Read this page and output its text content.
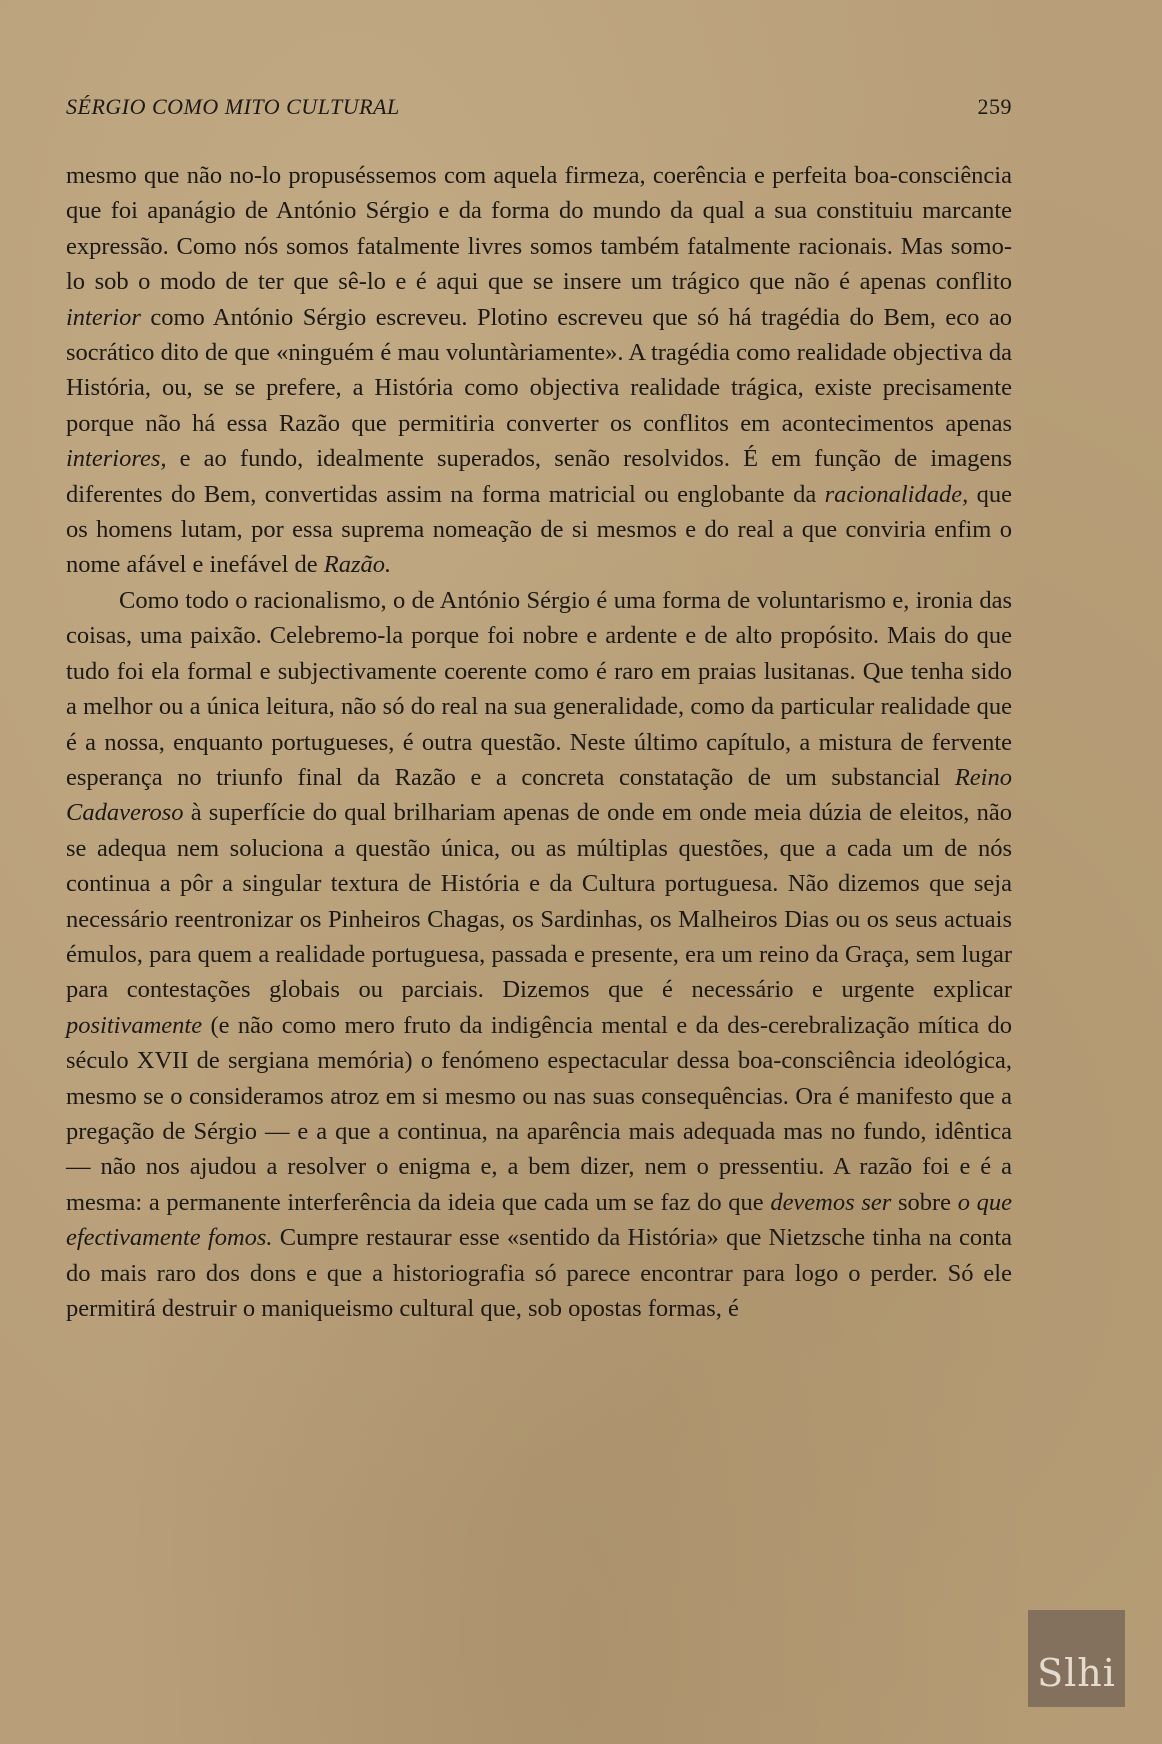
SÉRGIO COMO MITO CULTURAL	259

mesmo que não no-lo propuséssemos com aquela firmeza, coerência e perfeita boa-consciência que foi apanágio de António Sérgio e da forma do mundo da qual a sua constituiu marcante expressão. Como nós somos fatalmente livres somos também fatalmente racionais. Mas somo-lo sob o modo de ter que sê-lo e é aqui que se insere um trágico que não é apenas conflito interior como António Sérgio escreveu. Plotino escreveu que só há tragédia do Bem, eco ao socrático dito de que «ninguém é mau voluntàriamente». A tragédia como realidade objectiva da História, ou, se se prefere, a História como objectiva realidade trágica, existe precisamente porque não há essa Razão que permitiria converter os conflitos em acontecimentos apenas interiores, e ao fundo, idealmente superados, senão resolvidos. É em função de imagens diferentes do Bem, convertidas assim na forma matricial ou englobante da racionalidade, que os homens lutam, por essa suprema nomeação de si mesmos e do real a que conviria enfim o nome afável e inefável de Razão.

Como todo o racionalismo, o de António Sérgio é uma forma de voluntarismo e, ironia das coisas, uma paixão. Celebremo-la porque foi nobre e ardente e de alto propósito. Mais do que tudo foi ela formal e subjectivamente coerente como é raro em praias lusitanas. Que tenha sido a melhor ou a única leitura, não só do real na sua generalidade, como da particular realidade que é a nossa, enquanto portugueses, é outra questão. Neste último capítulo, a mistura de fervente esperança no triunfo final da Razão e a concreta constatação de um substancial Reino Cadaveroso à superfície do qual brilhariam apenas de onde em onde meia dúzia de eleitos, não se adequa nem soluciona a questão única, ou as múltiplas questões, que a cada um de nós continua a pôr a singular textura de História e da Cultura portuguesa. Não dizemos que seja necessário reentronizar os Pinheiros Chagas, os Sardinhas, os Malheiros Dias ou os seus actuais émulos, para quem a realidade portuguesa, passada e presente, era um reino da Graça, sem lugar para contestações globais ou parciais. Dizemos que é necessário e urgente explicar positivamente (e não como mero fruto da indigência mental e da des-cerebralização mítica do século XVII de sergiana memória) o fenómeno espectacular dessa boa-consciência ideológica, mesmo se o consideramos atroz em si mesmo ou nas suas consequências. Ora é manifesto que a pregação de Sérgio — e a que a continua, na aparência mais adequada mas no fundo, idêntica — não nos ajudou a resolver o enigma e, a bem dizer, nem o pressentiu. A razão foi e é a mesma: a permanente interferência da ideia que cada um se faz do que devemos ser sobre o que efectivamente fomos. Cumpre restaurar esse «sentido da História» que Nietzsche tinha na conta do mais raro dos dons e que a historiografia só parece encontrar para logo o perder. Só ele permitirá destruir o maniqueismo cultural que, sob opostas formas, é

Slhi
